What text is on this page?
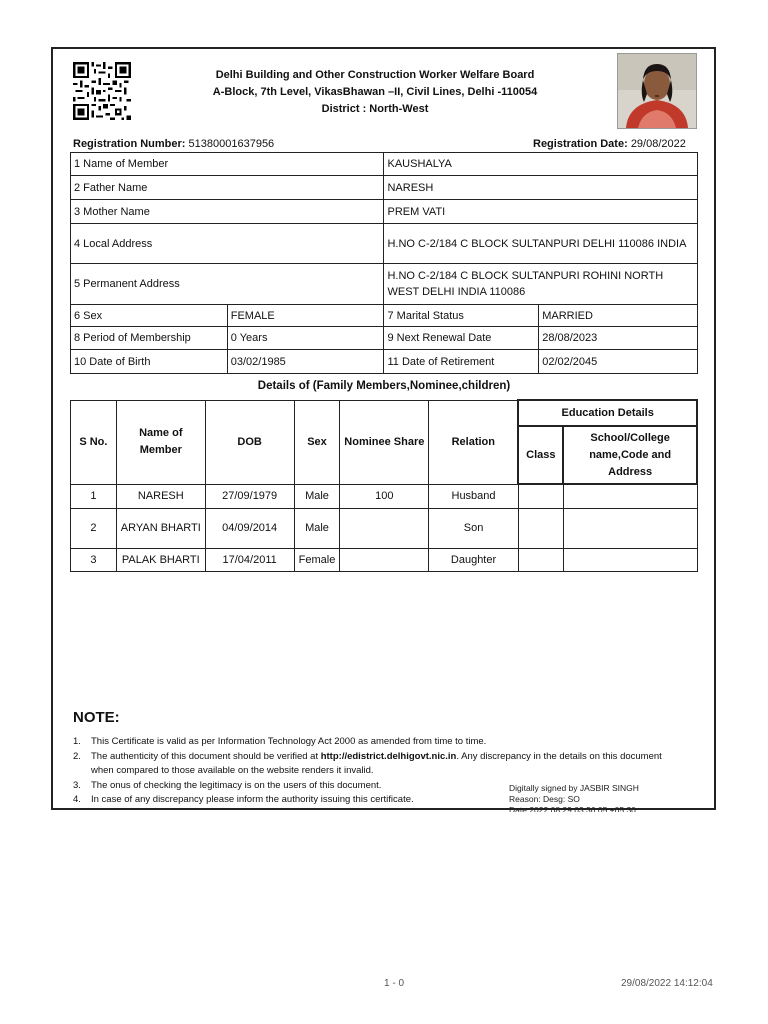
Delhi Building and Other Construction Worker Welfare Board
A-Block, 7th Level, VikasBhawan –II, Civil Lines, Delhi -110054
District : North-West
Registration Number: 51380001637956	Registration Date: 29/08/2022
1 Name of Member		KAUSHALYA	
2 Father Name		NARESH	
3 Mother Name		PREM VATI	
4 Local Address		H.NO C-2/184 C BLOCK SULTANPURI DELHI 110086 INDIA	
5 Permanent Address		H.NO C-2/184 C BLOCK SULTANPURI ROHINI NORTH WEST DELHI INDIA 110086	
6 Sex	FEMALE	7 Marital Status	MARRIED
8 Period of Membership	0 Years	9 Next Renewal Date	28/08/2023
10 Date of Birth	03/02/1985	11 Date of Retirement	02/02/2045
Details of (Family Members,Nominee,children)
S No.	Name of Member	DOB	Sex	Nominee Share	Relation	Education Details	
						Class	School/College name,Code and Address
1	NARESH	27/09/1979	Male	100	Husband		
2	ARYAN BHARTI	04/09/2014	Male		Son		
3	PALAK BHARTI	17/04/2011	Female		Daughter		
NOTE:
1. This Certificate is valid as per Information Technology Act 2000 as amended from time to time.
2. The authenticity of this document should be verified at http://edistrict.delhigovt.nic.in. Any discrepancy in the details on this document when compared to those available on the website renders it invalid.
3. The onus of checking the legitimacy is on the users of this document.
4. In case of any discrepancy please inform the authority issuing this certificate.
Digitally signed by JASBIR SINGH
Reason: Desg: SO
Date:2022.08.29 03:36:05 +05:30
1 - 0	29/08/2022 14:12:04
